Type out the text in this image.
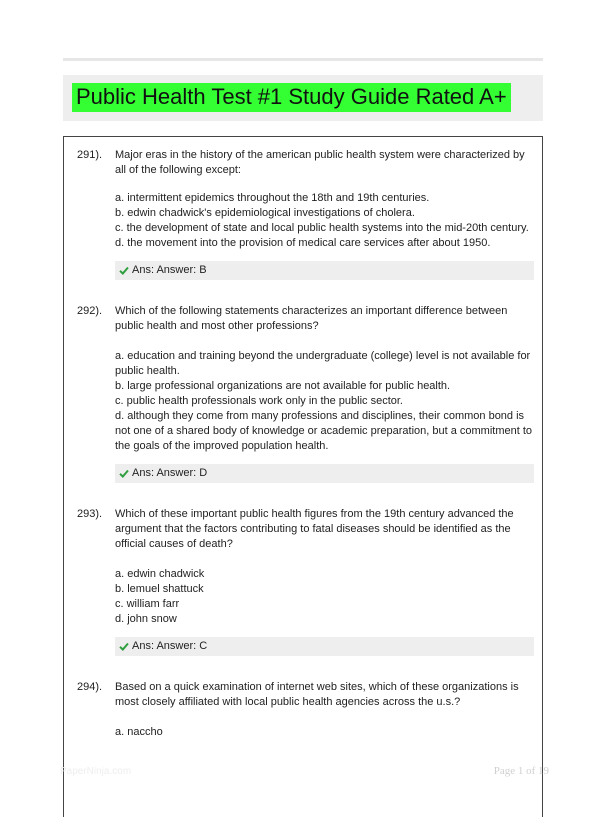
Public Health Test #1 Study Guide Rated A+
291). Major eras in the history of the american public health system were characterized by all of the following except:

a. intermittent epidemics throughout the 18th and 19th centuries.
b. edwin chadwick's epidemiological investigations of cholera.
c. the development of state and local public health systems into the mid-20th century.
d. the movement into the provision of medical care services after about 1950.
Ans: Answer: B
292). Which of the following statements characterizes an important difference between public health and most other professions?

a. education and training beyond the undergraduate (college) level is not available for public health.
b. large professional organizations are not available for public health.
c. public health professionals work only in the public sector.
d. although they come from many professions and disciplines, their common bond is not one of a shared body of knowledge or academic preparation, but a commitment to the goals of the improved population health.
Ans: Answer: D
293). Which of these important public health figures from the 19th century advanced the argument that the factors contributing to fatal diseases should be identified as the official causes of death?

a. edwin chadwick
b. lemuel shattuck
c. william farr
d. john snow
Ans: Answer: C
294). Based on a quick examination of internet web sites, which of these organizations is most closely affiliated with local public health agencies across the u.s.?

a. naccho
PaperNinja.com	Page 1 of 19
